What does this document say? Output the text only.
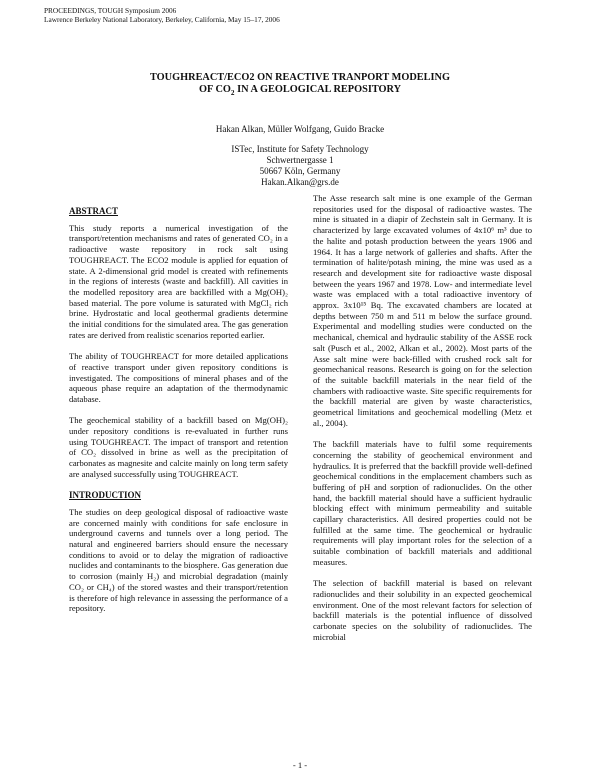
PROCEEDINGS, TOUGH Symposium 2006
Lawrence Berkeley National Laboratory, Berkeley, California, May 15–17, 2006
TOUGHREACT/ECO2 ON REACTIVE TRANPORT MODELING
OF $CO_2$ IN A GEOLOGICAL REPOSITORY
Hakan Alkan, Müller Wolfgang, Guido Bracke
ISTec, Institute for Safety Technology
Schwertnergasse 1
50667 Köln, Germany
Hakan.Alkan@grs.de
ABSTRACT

This study reports a numerical investigation of the transport/retention mechanisms and rates of generated CO₂ in a radioactive waste repository in rock salt using TOUGHREACT. The ECO2 module is applied for equation of state. A 2-dimensional grid model is created with refinements in the regions of interests (waste and backfill). All cavities in the modelled repository area are backfilled with a Mg(OH)₂ based material. The pore volume is saturated with MgCl₂ rich brine. Hydrostatic and local geothermal gradients determine the initial conditions for the simulated area. The gas generation rates are derived from realistic scenarios reported earlier.

The ability of TOUGHREACT for more detailed applications of reactive transport under given repository conditions is investigated. The compositions of mineral phases and of the aqueous phase require an adaptation of the thermodynamic database.

The geochemical stability of a backfill based on Mg(OH)₂ under repository conditions is re-evaluated in further runs using TOUGHREACT. The impact of transport and retention of CO₂ dissolved in brine as well as the precipitation of carbonates as magnesite and calcite mainly on long term safety are analysed successfully using TOUGHREACT.

INTRODUCTION

The studies on deep geological disposal of radioactive waste are concerned mainly with conditions for safe enclosure in underground caverns and tunnels over a long period. The natural and engineered barriers should ensure the necessary conditions to avoid or to delay the migration of radioactive nuclides and contaminants to the biosphere. Gas generation due to corrosion (mainly H₂) and microbial degradation (mainly CO₂ or CH₄) of the stored wastes and their transport/retention is therefore of high relevance in assessing the performance of a repository.

The Asse research salt mine is one example of the German repositories used for the disposal of radioactive wastes. The mine is situated in a diapir of Zechstein salt in Germany. It is characterized by large excavated volumes of 4x10⁶ m³ due to the halite and potash production between the years 1906 and 1964. It has a large network of galleries and shafts. After the termination of halite/potash mining, the mine was used as a research and development site for radioactive waste disposal between the years 1967 and 1978. Low- and intermediate level waste was emplaced with a total radioactive inventory of approx. 3x10¹⁵ Bq. The excavated chambers are located at depths between 750 m and 511 m below the surface ground. Experimental and modelling studies were conducted on the mechanical, chemical and hydraulic stability of the ASSE rock salt (Pusch et al., 2002, Alkan et al., 2002). Most parts of the Asse salt mine were back-filled with crushed rock salt for geomechanical reasons. Research is going on for the selection of the suitable backfill materials in the near field of the chambers with radioactive waste. Site specific requirements for the backfill material are given by waste characteristics, geometrical limitations and geochemical modelling (Metz et al., 2004).

The backfill materials have to fulfil some requirements concerning the stability of geochemical environment and hydraulics. It is preferred that the backfill provide well-defined geochemical conditions in the emplacement chambers such as buffering of pH and sorption of radionuclides. On the other hand, the backfill material should have a sufficient hydraulic blocking effect with minimum permeability and suitable capillary characteristics. All desired properties could not be fulfilled at the same time. The geochemical or hydraulic requirements will play important roles for the selection of a suitable combination of backfill materials and additional measures.

The selection of backfill material is based on relevant radionuclides and their solubility in an expected geochemical environment. One of the most relevant factors for selection of backfill materials is the potential influence of dissolved carbonate species on the solubility of radionuclides. The microbial

- 1 -
